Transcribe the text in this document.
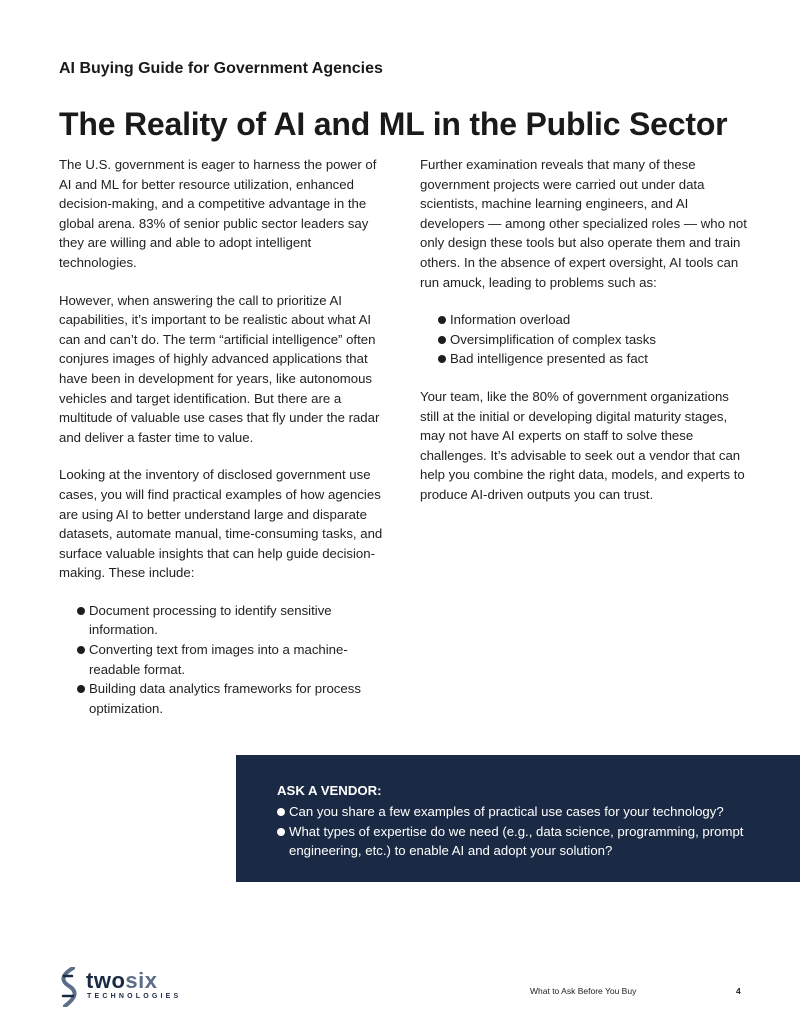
AI Buying Guide for Government Agencies
The Reality of AI and ML in the Public Sector

The U.S. government is eager to harness the power of AI and ML for better resource utilization, enhanced decision-making, and a competitive advantage in the global arena. 83% of senior public sector leaders say they are willing and able to adopt intelligent technologies.

However, when answering the call to prioritize AI capabilities, it’s important to be realistic about what AI can and can’t do. The term “artificial intelligence” often conjures images of highly advanced applications that have been in development for years, like autonomous vehicles and target identification. But there are a multitude of valuable use cases that fly under the radar and deliver a faster time to value.

Looking at the inventory of disclosed government use cases, you will find practical examples of how agencies are using AI to better understand large and disparate datasets, automate manual, time-consuming tasks, and surface valuable insights that can help guide decision-making. These include:

Document processing to identify sensitive information.
Converting text from images into a machine-readable format.
Building data analytics frameworks for process optimization.

Further examination reveals that many of these government projects were carried out under data scientists, machine learning engineers, and AI developers — among other specialized roles — who not only design these tools but also operate them and train others. In the absence of expert oversight, AI tools can run amuck, leading to problems such as:

Information overload
Oversimplification of complex tasks
Bad intelligence presented as fact

Your team, like the 80% of government organizations still at the initial or developing digital maturity stages, may not have AI experts on staff to solve these challenges. It’s advisable to seek out a vendor that can help you combine the right data, models, and experts to produce AI-driven outputs you can trust.

ASK A VENDOR:
Can you share a few examples of practical use cases for your technology?
What types of expertise do we need (e.g., data science, programming, prompt engineering, etc.) to enable AI and adopt your solution?
twosix
TECHNOLOGIES
What to Ask Before You Buy	4
